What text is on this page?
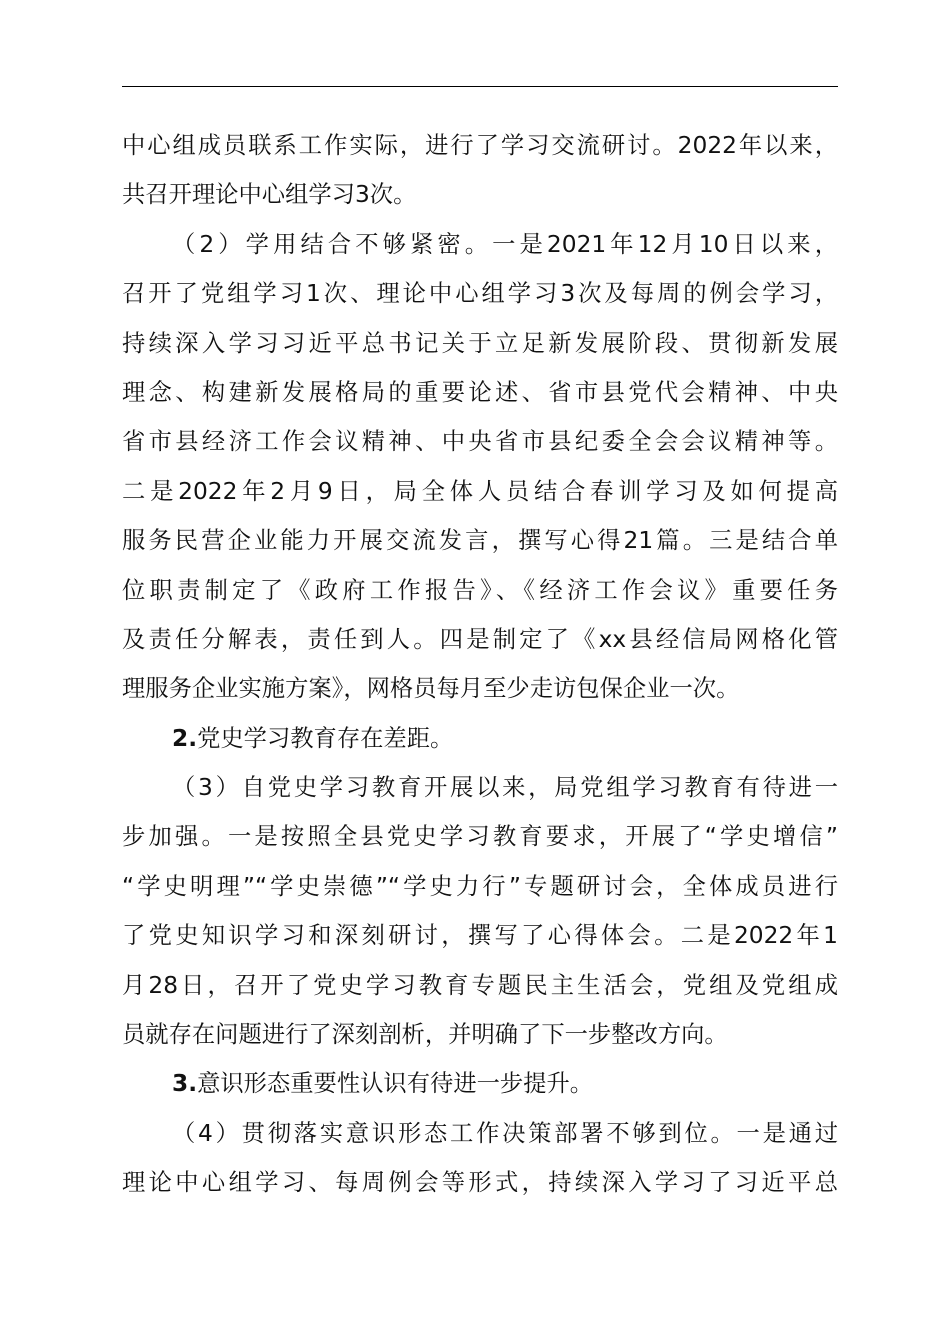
中心组成员联系工作实际，进行了学习交流研讨。2022年以来，
共召开理论中心组学习3次。
（2）学用结合不够紧密。一是2021年12月10日以来，
召开了党组学习1次、理论中心组学习3次及每周的例会学习，
持续深入学习习近平总书记关于立足新发展阶段、贯彻新发展
理念、构建新发展格局的重要论述、省市县党代会精神、中央
省市县经济工作会议精神、中央省市县纪委全会会议精神等。
二是2022年2月9日，局全体人员结合春训学习及如何提高
服务民营企业能力开展交流发言，撰写心得21篇。三是结合单
位职责制定了《政府工作报告》、《经济工作会议》重要任务
及责任分解表，责任到人。四是制定了《xx县经信局网格化管
理服务企业实施方案》，网格员每月至少走访包保企业一次。
2.党史学习教育存在差距。
（3）自党史学习教育开展以来，局党组学习教育有待进一
步加强。一是按照全县党史学习教育要求，开展了“学史增信”
“学史明理”“学史崇德”“学史力行”专题研讨会，全体成员进行
了党史知识学习和深刻研讨，撰写了心得体会。二是2022年1
月28日，召开了党史学习教育专题民主生活会，党组及党组成
员就存在问题进行了深刻剖析，并明确了下一步整改方向。
3.意识形态重要性认识有待进一步提升。
（4）贯彻落实意识形态工作决策部署不够到位。一是通过
理论中心组学习、每周例会等形式，持续深入学习了习近平总
